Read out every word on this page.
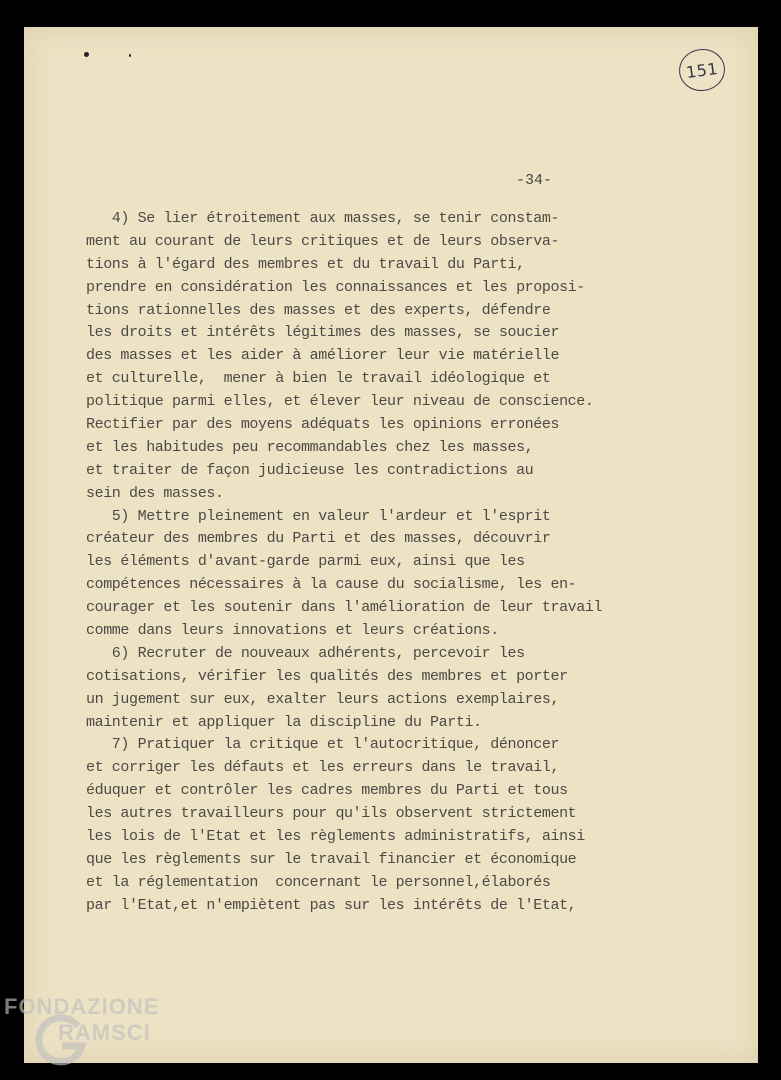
151
-34-
4) Se lier étroitement aux masses, se tenir constam-
ment au courant de leurs critiques et de leurs observa-
tions à l'égard des membres et du travail du Parti,
prendre en considération les connaissances et les proposi-
tions rationnelles des masses et des experts, défendre
les droits et intérêts légitimes des masses, se soucier
des masses et les aider à améliorer leur vie matérielle
et culturelle,  mener à bien le travail idéologique et
politique parmi elles, et élever leur niveau de conscience.
Rectifier par des moyens adéquats les opinions erronées
et les habitudes peu recommandables chez les masses,
et traiter de façon judicieuse les contradictions au
sein des masses.
5) Mettre pleinement en valeur l'ardeur et l'esprit
créateur des membres du Parti et des masses, découvrir
les éléments d'avant-garde parmi eux, ainsi que les
compétences nécessaires à la cause du socialisme, les en-
courager et les soutenir dans l'amélioration de leur travail
comme dans leurs innovations et leurs créations.
6) Recruter de nouveaux adhérents, percevoir les
cotisations, vérifier les qualités des membres et porter
un jugement sur eux, exalter leurs actions exemplaires,
maintenir et appliquer la discipline du Parti.
7) Pratiquer la critique et l'autocritique, dénoncer
et corriger les défauts et les erreurs dans le travail,
éduquer et contrôler les cadres membres du Parti et tous
les autres travailleurs pour qu'ils observent strictement
les lois de l'Etat et les règlements administratifs, ainsi
que les règlements sur le travail financier et économique
et la réglementation  concernant le personnel,élaborés
par l'Etat,et n'empiètent pas sur les intérêts de l'Etat,
FONDAZIONE
RAMSCI
